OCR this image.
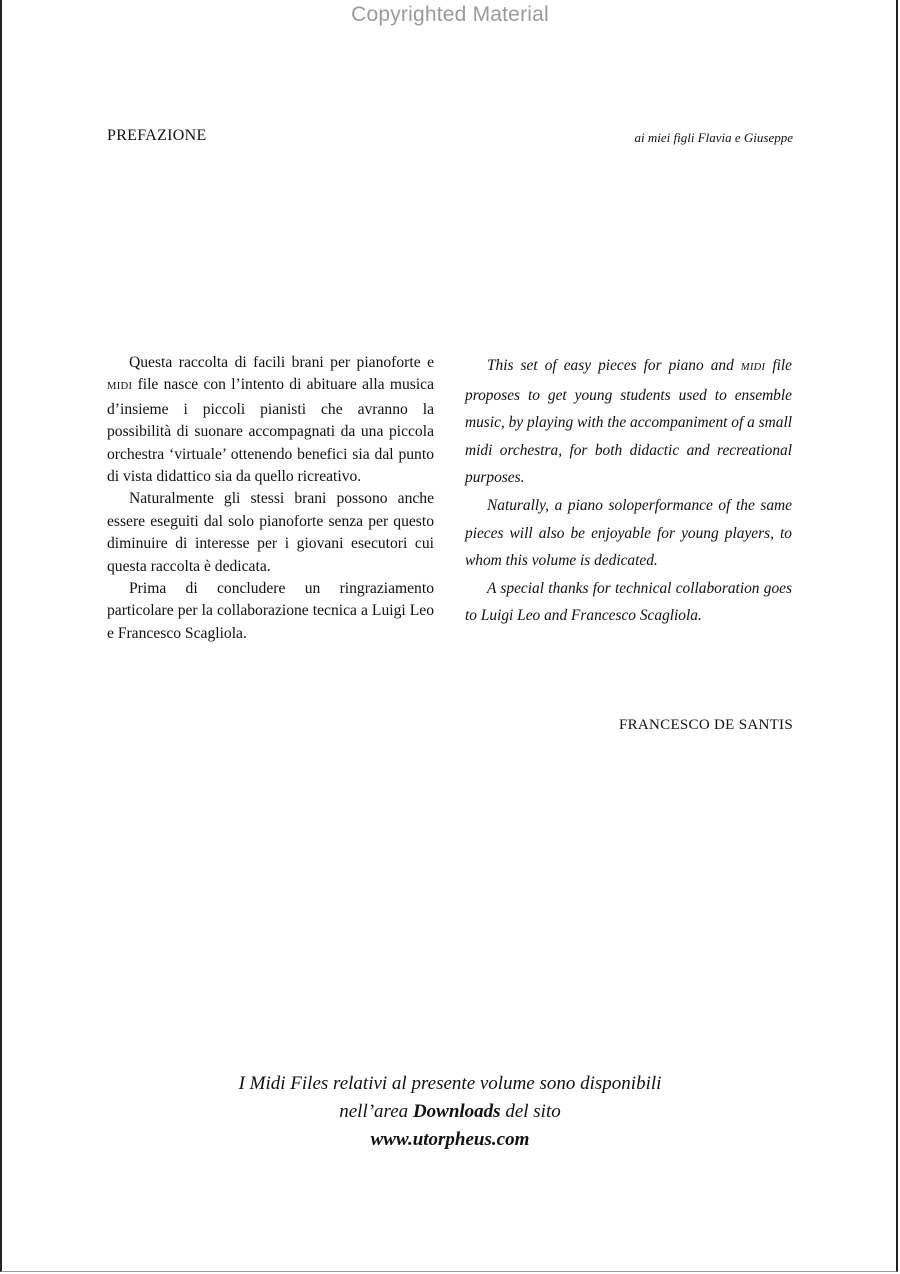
Copyrighted Material
PREFAZIONE	ai miei figli Flavia e Giuseppe

Questa raccolta di facili brani per pianoforte e MIDI file nasce con l’intento di abituare alla musica d’insieme i piccoli pianisti che avranno la possibilità di suonare accompagnati da una piccola orchestra ‘virtuale’ ottenendo benefici sia dal punto di vista didattico sia da quello ricreativo.

Naturalmente gli stessi brani possono anche essere eseguiti dal solo pianoforte senza per questo diminuire di interesse per i giovani esecutori cui questa raccolta è dedicata.

Prima di concludere un ringraziamento particolare per la collaborazione tecnica a Luigi Leo e Francesco Scagliola.

This set of easy pieces for piano and MIDI file proposes to get young students used to ensemble music, by playing with the accompaniment of a small midi orchestra, for both didactic and recreational purposes.

Naturally, a piano soloperformance of the same pieces will also be enjoyable for young players, to whom this volume is dedicated.

A special thanks for technical collaboration goes to Luigi Leo and Francesco Scagliola.

FRANCESCO DE SANTIS
I Midi Files relativi al presente volume sono disponibili
nell’area Downloads del sito
www.utorpheus.com
